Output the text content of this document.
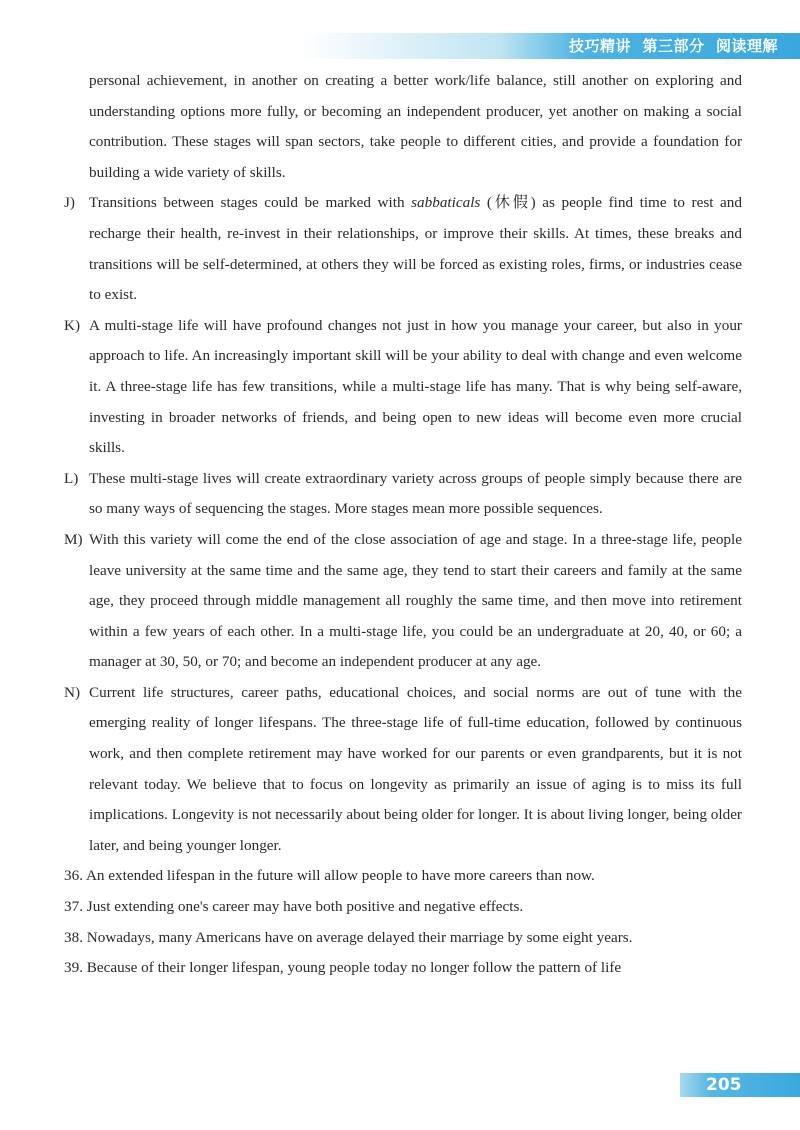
技巧精讲 第三部分 阅读理解

personal achievement, in another on creating a better work/life balance, still another on exploring and understanding options more fully, or becoming an independent producer, yet another on making a social contribution. These stages will span sectors, take people to different cities, and provide a foundation for building a wide variety of skills.

J) Transitions between stages could be marked with sabbaticals (休假) as people find time to rest and recharge their health, re-invest in their relationships, or improve their skills. At times, these breaks and transitions will be self-determined, at others they will be forced as existing roles, firms, or industries cease to exist.

K) A multi-stage life will have profound changes not just in how you manage your career, but also in your approach to life. An increasingly important skill will be your ability to deal with change and even welcome it. A three-stage life has few transitions, while a multi-stage life has many. That is why being self-aware, investing in broader networks of friends, and being open to new ideas will become even more crucial skills.

L) These multi-stage lives will create extraordinary variety across groups of people simply because there are so many ways of sequencing the stages. More stages mean more possible sequences.

M) With this variety will come the end of the close association of age and stage. In a three-stage life, people leave university at the same time and the same age, they tend to start their careers and family at the same age, they proceed through middle management all roughly the same time, and then move into retirement within a few years of each other. In a multi-stage life, you could be an undergraduate at 20, 40, or 60; a manager at 30, 50, or 70; and become an independent producer at any age.

N) Current life structures, career paths, educational choices, and social norms are out of tune with the emerging reality of longer lifespans. The three-stage life of full-time education, followed by continuous work, and then complete retirement may have worked for our parents or even grandparents, but it is not relevant today. We believe that to focus on longevity as primarily an issue of aging is to miss its full implications. Longevity is not necessarily about being older for longer. It is about living longer, being older later, and being younger longer.

36. An extended lifespan in the future will allow people to have more careers than now.

37. Just extending one's career may have both positive and negative effects.

38. Nowadays, many Americans have on average delayed their marriage by some eight years.

39. Because of their longer lifespan, young people today no longer follow the pattern of life

205
